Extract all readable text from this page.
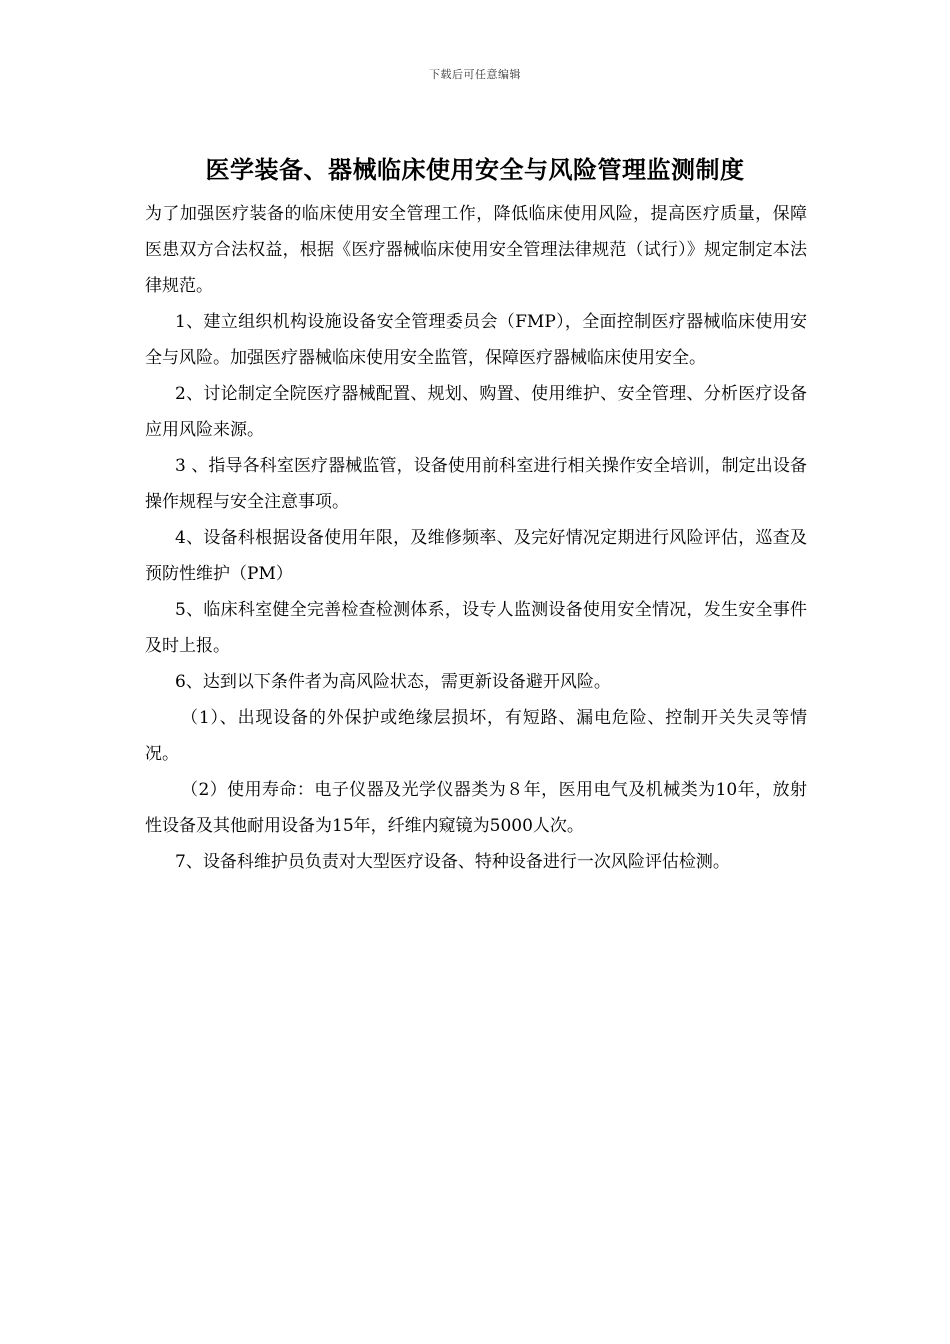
下载后可任意编辑
医学装备、器械临床使用安全与风险管理监测制度

为了加强医疗装备的临床使用安全管理工作，降低临床使用风险，提高医疗质量，保障医患双方合法权益，根据《医疗器械临床使用安全管理法律规范（试行）》规定制定本法律规范。

1、建立组织机构设施设备安全管理委员会（FMP），全面控制医疗器械临床使用安全与风险。加强医疗器械临床使用安全监管，保障医疗器械临床使用安全。

2、讨论制定全院医疗器械配置、规划、购置、使用维护、安全管理、分析医疗设备应用风险来源。

3 、指导各科室医疗器械监管，设备使用前科室进行相关操作安全培训，制定出设备操作规程与安全注意事项。

4、设备科根据设备使用年限，及维修频率、及完好情况定期进行风险评估，巡查及预防性维护（PM）

5、临床科室健全完善检查检测体系，设专人监测设备使用安全情况，发生安全事件及时上报。

6、达到以下条件者为高风险状态，需更新设备避开风险。

（1）、出现设备的外保护或绝缘层损坏，有短路、漏电危险、控制开关失灵等情况。

（2）使用寿命：电子仪器及光学仪器类为８年，医用电气及机械类为10年，放射性设备及其他耐用设备为15年，纤维内窥镜为5000人次。

7、设备科维护员负责对大型医疗设备、特种设备进行一次风险评估检测。
